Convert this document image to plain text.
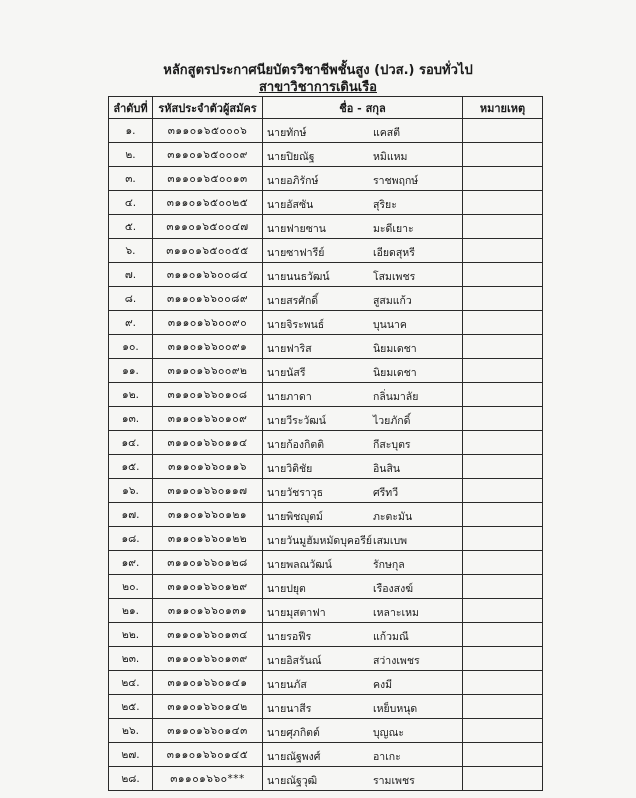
หลักสูตรประกาศนียบัตรวิชาชีพชั้นสูง (ปวส.) รอบทั่วไป
สาขาวิชาการเดินเรือ
ลำดับที่	รหัสประจำตัวผู้สมัคร	ชื่อ - สกุล	หมายเหตุ
๑.	๓๑๑๐๑๖๕๐๐๐๖	นายทักษ์ แคสตี	

๒.	๓๑๑๐๑๖๕๐๐๐๙	นายปิยณัฐ หมิแหม	

๓.	๓๑๑๐๑๖๕๐๐๑๓	นายอภิรักษ์ ราชพฤกษ์	

๔.	๓๑๑๐๑๖๕๐๐๒๕	นายอัสซัน สุริยะ	

๕.	๓๑๑๐๑๖๕๐๐๔๗	นายฟายซาน มะดีเยาะ	

๖.	๓๑๑๐๑๖๕๐๐๕๕	นายซาฟารีย์ เอียดสุหรี	

๗.	๓๑๑๐๑๖๖๐๐๘๔	นายนนธวัฒน์ โสมเพชร	

๘.	๓๑๑๐๑๖๖๐๐๘๙	นายสรศักดิ์ สูสมแก้ว	

๙.	๓๑๑๐๑๖๖๐๐๙๐	นายจิระพนธ์ บุนนาค	

๑๐.	๓๑๑๐๑๖๖๐๐๙๑	นายฟาริส นิยมเดชา	

๑๑.	๓๑๑๐๑๖๖๐๐๙๒	นายนัสรี นิยมเดชา	

๑๒.	๓๑๑๐๑๖๖๐๑๐๘	นายภาดา กลิ่นมาลัย	

๑๓.	๓๑๑๐๑๖๖๐๑๐๙	นายวีระวัฒน์ ไวยภักดิ์	

๑๔.	๓๑๑๐๑๖๖๐๑๑๔	นายก้องกิตติ กีสะบุตร	

๑๕.	๓๑๑๐๑๖๖๐๑๑๖	นายวิติชัย อินสิน	

๑๖.	๓๑๑๐๑๖๖๐๑๑๗	นายวัชราวุธ ศรีทวี	

๑๗.	๓๑๑๐๑๖๖๐๑๒๑	นายพิชญุตม์ ภะตะมัน	

๑๘.	๓๑๑๐๑๖๖๐๑๒๒	นายวันมูฮัมหมัดบุคอรีย์ เสมเบพ	

๑๙.	๓๑๑๐๑๖๖๐๑๒๘	นายพลณวัฒน์ รักษกุล	

๒๐.	๓๑๑๐๑๖๖๐๑๒๙	นายปยุต เรืองสงฆ์	

๒๑.	๓๑๑๐๑๖๖๐๑๓๑	นายมุสตาฟา เหลาะเหม	

๒๒.	๓๑๑๐๑๖๖๐๑๓๔	นายรอฟีร แก้วมณี	

๒๓.	๓๑๑๐๑๖๖๐๑๓๙	นายอิสรันณ์ สว่างเพชร	

๒๔.	๓๑๑๐๑๖๖๐๑๔๑	นายนภัส คงมี	

๒๕.	๓๑๑๐๑๖๖๐๑๔๒	นายนาสีร เหย็บหนุด	

๒๖.	๓๑๑๐๑๖๖๐๑๔๓	นายศุภกิตต์ บุญณะ	

๒๗.	๓๑๑๐๑๖๖๐๑๔๕	นายณัฐพงศ์ อาเกะ	

๒๘.	๓๑๑๐๑๖๖๐***	นายณัฐวุฒิ รามเพชร	
